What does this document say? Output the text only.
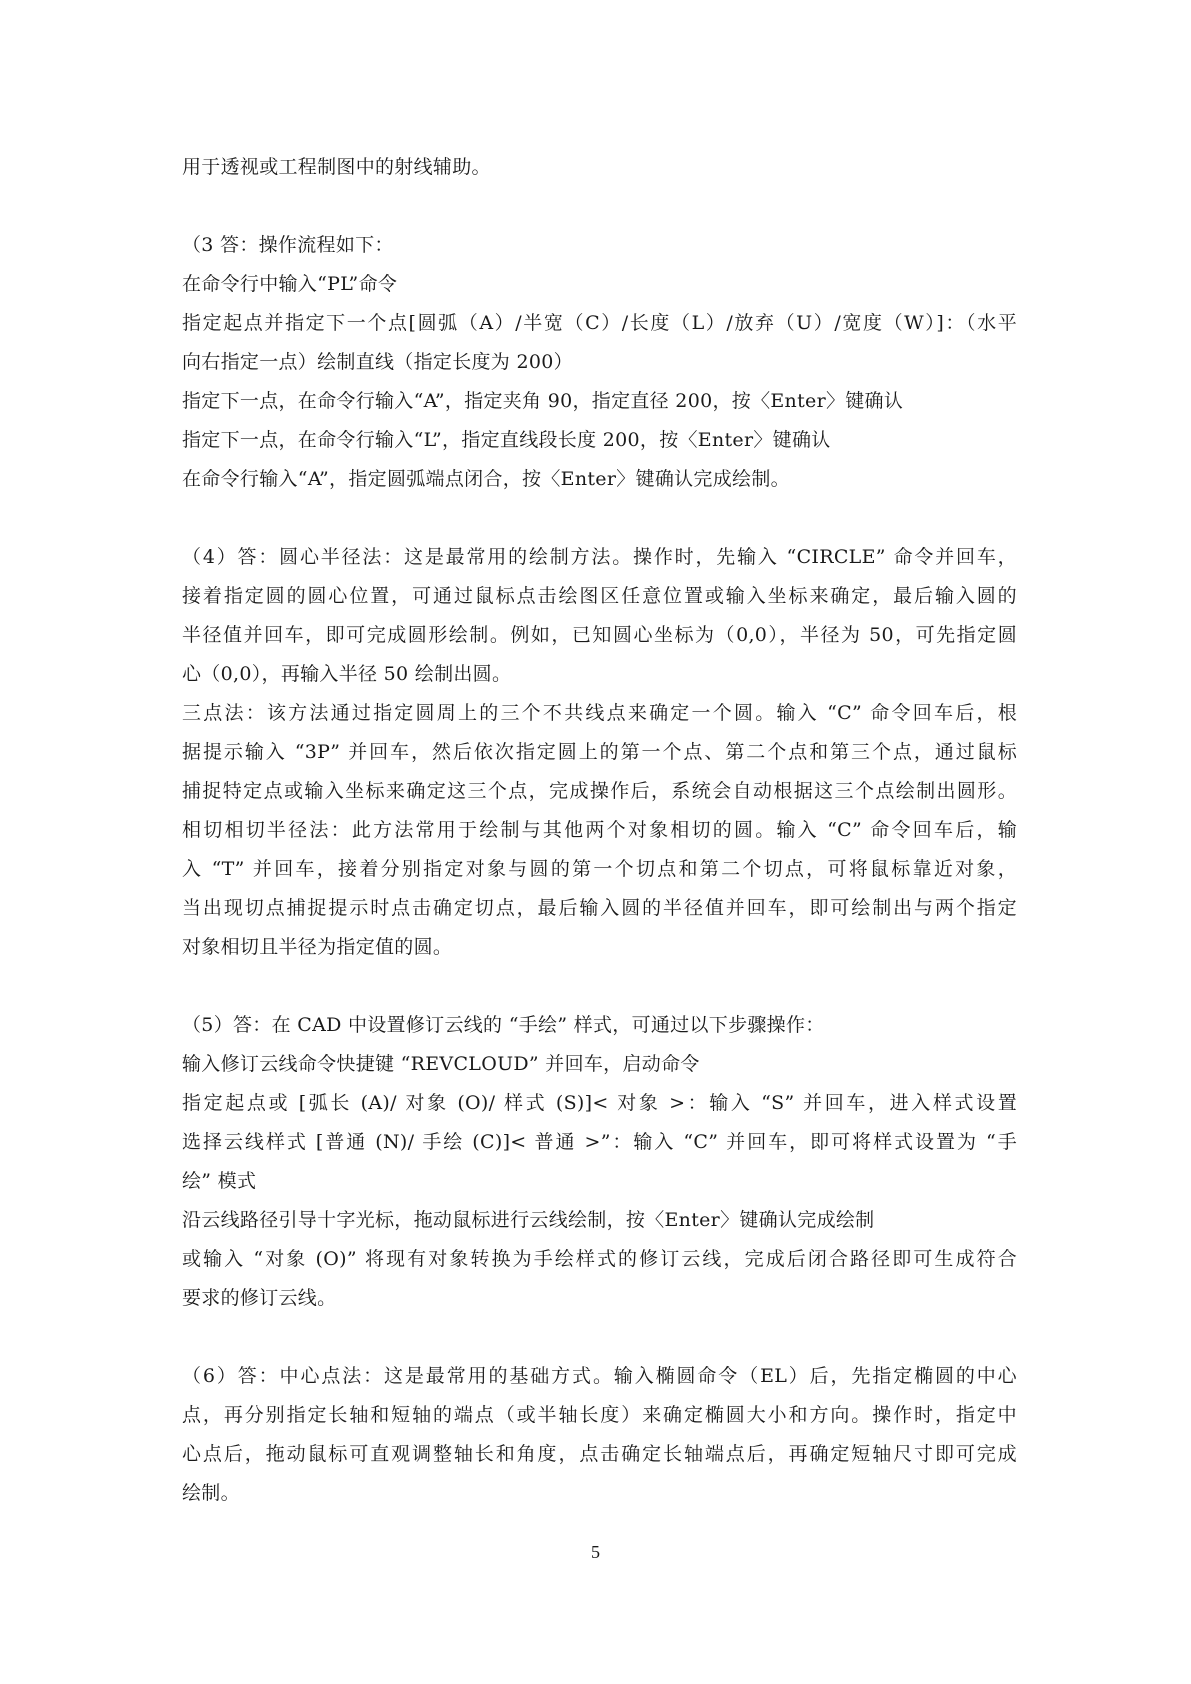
用于透视或工程制图中的射线辅助。
（3 答：操作流程如下：
在命令行中输入“PL”命令
指定起点并指定下一个点[圆弧（A）/半宽（C）/长度（L）/放弃（U）/宽度（W）]：（水平
向右指定一点）绘制直线（指定长度为 200）
指定下一点，在命令行输入“A”，指定夹角 90，指定直径 200，按〈Enter〉键确认
指定下一点，在命令行输入“L”，指定直线段长度 200，按〈Enter〉键确认
在命令行输入“A”，指定圆弧端点闭合，按〈Enter〉键确认完成绘制。
（4）答：圆心半径法：这是最常用的绘制方法。操作时，先输入 “CIRCLE” 命令并回车，
接着指定圆的圆心位置，可通过鼠标点击绘图区任意位置或输入坐标来确定，最后输入圆的
半径值并回车，即可完成圆形绘制。例如，已知圆心坐标为（0,0），半径为 50，可先指定圆
心（0,0），再输入半径 50 绘制出圆。
三点法：该方法通过指定圆周上的三个不共线点来确定一个圆。输入 “C” 命令回车后，根
据提示输入 “3P” 并回车，然后依次指定圆上的第一个点、第二个点和第三个点，通过鼠标
捕捉特定点或输入坐标来确定这三个点，完成操作后，系统会自动根据这三个点绘制出圆形。
相切相切半径法：此方法常用于绘制与其他两个对象相切的圆。输入 “C” 命令回车后，输
入 “T” 并回车，接着分别指定对象与圆的第一个切点和第二个切点，可将鼠标靠近对象，
当出现切点捕捉提示时点击确定切点，最后输入圆的半径值并回车，即可绘制出与两个指定
对象相切且半径为指定值的圆。
（5）答：在 CAD 中设置修订云线的 “手绘” 样式，可通过以下步骤操作：
输入修订云线命令快捷键 “REVCLOUD” 并回车，启动命令
指定起点或 [弧长 (A)/ 对象 (O)/ 样式 (S)]< 对象 >：输入 “S” 并回车，进入样式设置
选择云线样式 [普通 (N)/ 手绘 (C)]< 普通 >”：输入 “C” 并回车，即可将样式设置为 “手
绘” 模式
沿云线路径引导十字光标，拖动鼠标进行云线绘制，按〈Enter〉键确认完成绘制
或输入 “对象 (O)” 将现有对象转换为手绘样式的修订云线，完成后闭合路径即可生成符合
要求的修订云线。
（6）答：中心点法：这是最常用的基础方式。输入椭圆命令（EL）后，先指定椭圆的中心
点，再分别指定长轴和短轴的端点（或半轴长度）来确定椭圆大小和方向。操作时，指定中
心点后，拖动鼠标可直观调整轴长和角度，点击确定长轴端点后，再确定短轴尺寸即可完成
绘制。
5
